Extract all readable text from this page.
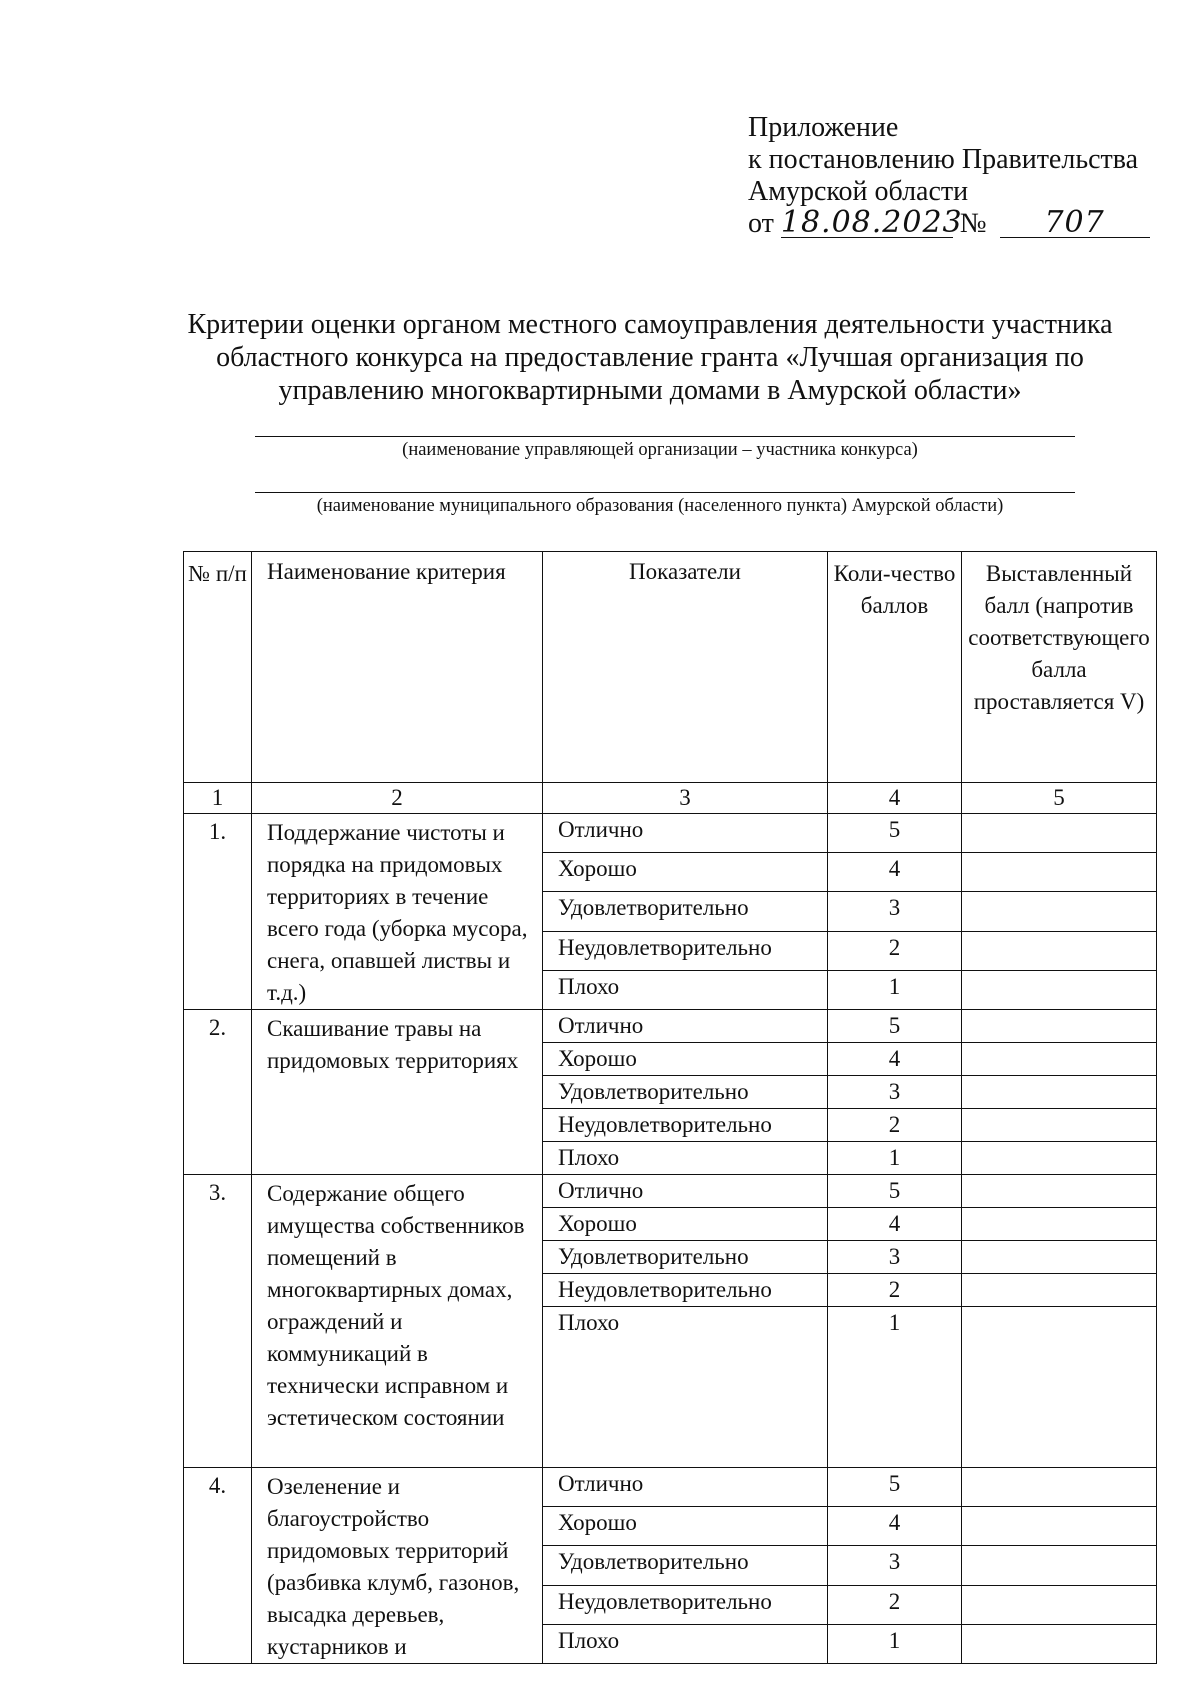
Приложение
к постановлению Правительства
Амурской области
от 18.08.2023 № 707
Критерии оценки органом местного самоуправления деятельности участника
областного конкурса на предоставление гранта «Лучшая организация по
управлению многоквартирными домами в Амурской области»
(наименование управляющей организации – участника конкурса)
(наименование муниципального образования (населенного пункта) Амурской области)
№ п/п	Наименование критерия	Показатели	Коли-чество баллов	Выставленный балл (напротив соответствующего балла проставляется V)
1	2	3	4	5
1.	Поддержание чистоты и порядка на придомовых территориях в течение всего года (уборка мусора, снега, опавшей листвы и т.д.)	Отлично	5	
		Хорошо	4	
		Удовлетворительно	3	
		Неудовлетворительно	2	
		Плохо	1	
2.	Скашивание травы на придомовых территориях	Отлично	5	
		Хорошо	4	
		Удовлетворительно	3	
		Неудовлетворительно	2	
		Плохо	1	
3.	Содержание общего имущества собственников помещений в многоквартирных домах, ограждений и коммуникаций в технически исправном и эстетическом состоянии	Отлично	5	
		Хорошо	4	
		Удовлетворительно	3	
		Неудовлетворительно	2	
		Плохо	1	
4.	Озеленение и благоустройство придомовых территорий (разбивка клумб, газонов, высадка деревьев, кустарников и	Отлично	5	
		Хорошо	4	
		Удовлетворительно	3	
		Неудовлетворительно	2	
		Плохо	1	
